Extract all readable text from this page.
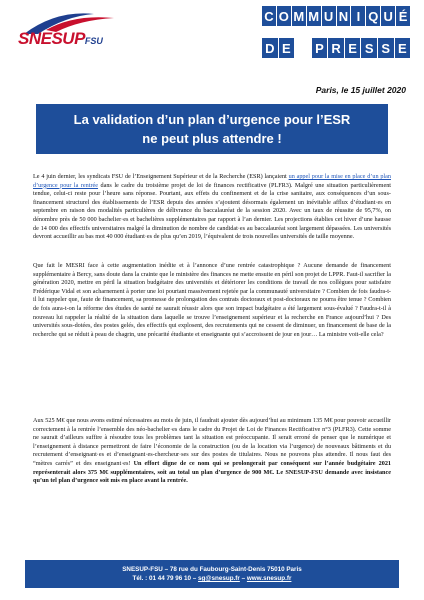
SNESUPFSU
C O M M U N I Q U É
D E P R E S S E
Paris, le 15 juillet 2020
La validation d’un plan d’urgence pour l’ESR
ne peut plus attendre !

Le 4 juin dernier, les syndicats FSU de l’Enseignement Supérieur et de la Recherche (ESR) lançaient un appel pour la mise en place d’un plan d’urgence pour la rentrée dans le cadre du troisième projet de loi de finances rectificative (PLFR3). Malgré une situation particulièrement tendue, celui-ci reste pour l’heure sans réponse. Pourtant, aux effets du confinement et de la crise sanitaire, aux conséquences d’un sous-financement structurel des établissements de l’ESR depuis des années s’ajoutent désormais également un inévitable afflux d’étudiant·es en septembre en raison des modalités particulières de délivrance du baccalauréat de la session 2020. Avec un taux de réussite de 95,7%, on dénombre près de 50 000 bachelier·es et bachelières supplémentaires par rapport à l’an dernier. Les projections établies cet hiver d’une hausse de 14 000 des effectifs universitaires malgré la diminution de nombre de candidat·es au baccalauréat sont largement dépassées. Les universités devront accueillir au bas mot 40 000 étudiant·es de plus qu’en 2019, l’équivalent de trois nouvelles universités de taille moyenne.

Que fait le MESRI face à cette augmentation inédite et à l’annonce d’une rentrée catastrophique ? Aucune demande de financement supplémentaire à Bercy, sans doute dans la crainte que le ministère des finances ne mette ensuite en péril son projet de LPPR. Faut-il sacrifier la génération 2020, mettre en péril la situation budgétaire des universités et détériorer les conditions de travail de nos collègues pour satisfaire Frédérique Vidal et son acharnement à porter une loi pourtant massivement rejetée par la communauté universitaire ? Combien de fois faudra-t-il lui rappeler que, faute de financement, sa promesse de prolongation des contrats doctoraux et post-doctoraux ne pourra être tenue ? Combien de fois aura-t-on la réforme des études de santé ne saurait réussir alors que son impact budgétaire a été largement sous-évalué ? Faudra-t-il à nouveau lui rappeler la réalité de la situation dans laquelle se trouve l’enseignement supérieur et la recherche en France aujourd’hui ? Des universités sous-dotées, des postes gelés, des effectifs qui explosent, des recrutements qui ne cessent de diminuer, un financement de base de la recherche qui se réduit à peau de chagrin, une précarité étudiante et enseignante qui s’accroissent de jour en jour… La ministre voit-elle cela?

Aux 525 M€ que nous avons estimé nécessaires au mois de juin, il faudrait ajouter dès aujourd’hui au minimum 135 M€ pour pouvoir accueillir correctement à la rentrée l’ensemble des néo-bachelier·es dans le cadre du Projet de Loi de Finances Rectificative n°3 (PLFR3). Cette somme ne saurait d’ailleurs suffire à résoudre tous les problèmes tant la situation est préoccupante. Il serait erroné de penser que le numérique et l’enseignement à distance permettront de faire l’économie de la construction (ou de la location via l’urgence) de nouveaux bâtiments et du recrutement d’enseignant·es et d’enseignant·es-chercheur·ses sur des postes de titulaires. Nous ne pouvons plus attendre. Il nous faut des “mètres carrés” et des enseignant·es! Un effort digne de ce nom qui se prolongerait par conséquent sur l’année budgétaire 2021 représenterait alors 375 M€ supplémentaires, soit au total un plan d’urgence de 900 M€. Le SNESUP-FSU demande avec insistance qu’un tel plan d’urgence soit mis en place avant la rentrée.

SNESUP-FSU – 78 rue du Faubourg-Saint-Denis 75010 Paris
Tél. : 01 44 79 96 10 – sg@snesup.fr – www.snesup.fr
